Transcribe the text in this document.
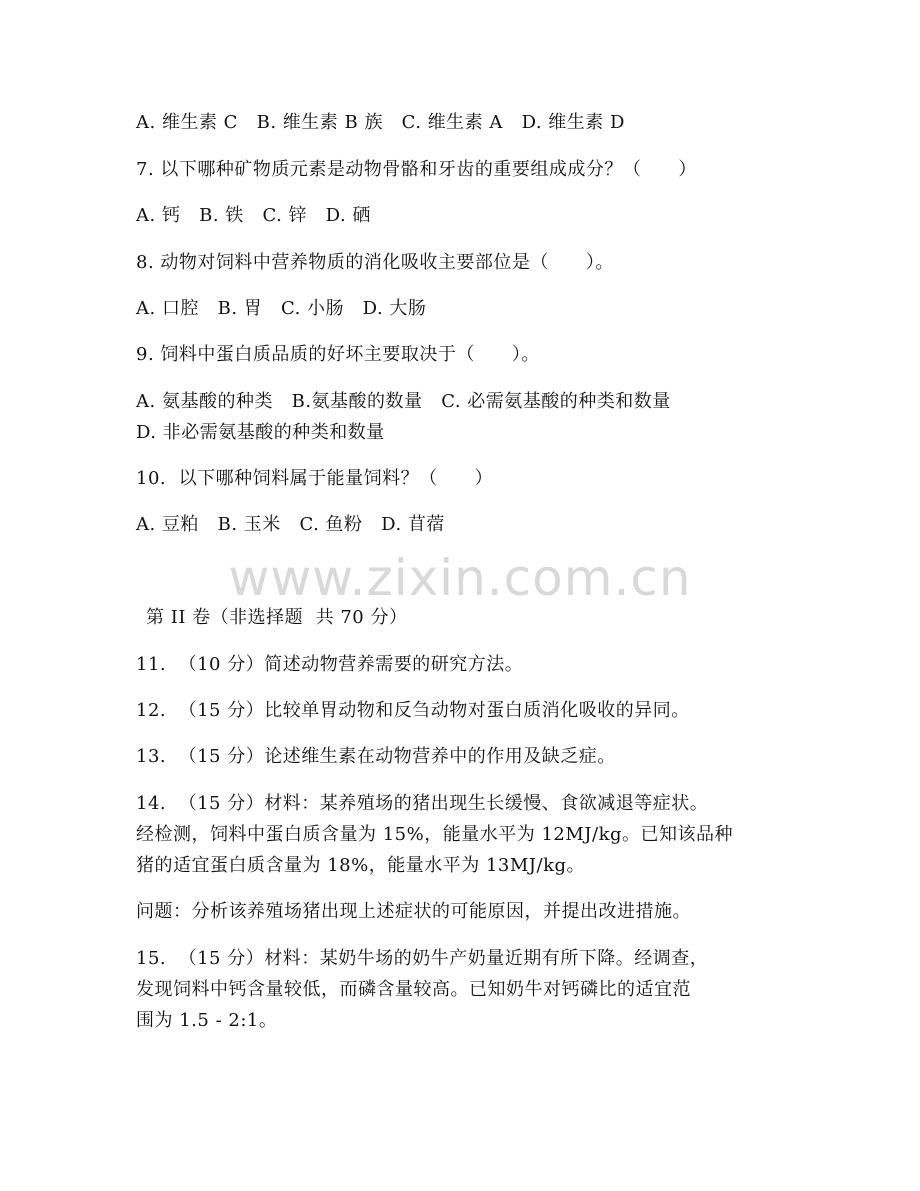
A. 维生素 C   B. 维生素 B 族   C. 维生素 A   D. 维生素 D
7. 以下哪种矿物质元素是动物骨骼和牙齿的重要组成成分？（　　）
A. 钙   B. 铁   C. 锌   D. 硒
8. 动物对饲料中营养物质的消化吸收主要部位是（　　）。
A. 口腔   B. 胃   C. 小肠   D. 大肠
9. 饲料中蛋白质品质的好坏主要取决于（　　）。
A. 氨基酸的种类   B.氨基酸的数量   C. 必需氨基酸的种类和数量
D. 非必需氨基酸的种类和数量
10.  以下哪种饲料属于能量饲料？（　　）
A. 豆粕   B. 玉米   C. 鱼粉   D. 苜蓿
www.zixin.com.cn
第 II 卷（非选择题  共 70 分）
11.  （10 分）简述动物营养需要的研究方法。
12.  （15 分）比较单胃动物和反刍动物对蛋白质消化吸收的异同。
13.  （15 分）论述维生素在动物营养中的作用及缺乏症。
14.  （15 分）材料：某养殖场的猪出现生长缓慢、食欲减退等症状。
经检测，饲料中蛋白质含量为 15%，能量水平为 12MJ/kg。已知该品种
猪的适宜蛋白质含量为 18%，能量水平为 13MJ/kg。
问题：分析该养殖场猪出现上述症状的可能原因，并提出改进措施。
15.  （15 分）材料：某奶牛场的奶牛产奶量近期有所下降。经调查，
发现饲料中钙含量较低，而磷含量较高。已知奶牛对钙磷比的适宜范
围为 1.5 - 2:1。
